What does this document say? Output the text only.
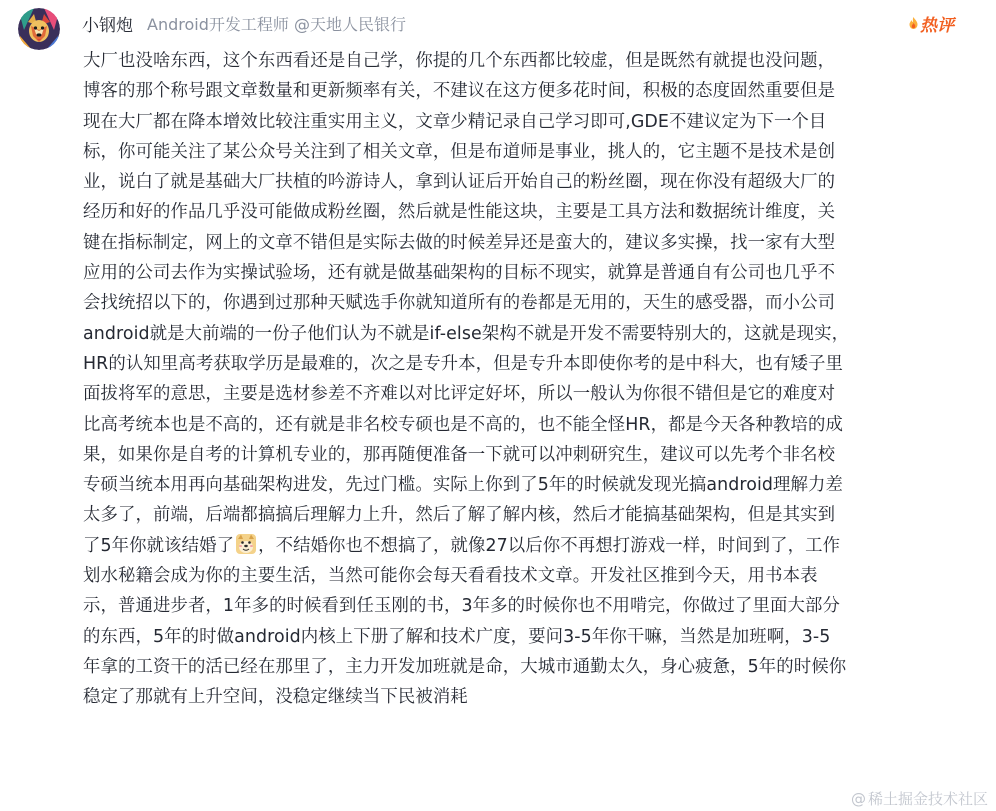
小钢炮 Android开发工程师 @天地人民银行	热评
大厂也没啥东西，这个东西看还是自己学，你提的几个东西都比较虚，但是既然有就提也没问题，
博客的那个称号跟文章数量和更新频率有关，不建议在这方便多花时间，积极的态度固然重要但是
现在大厂都在降本增效比较注重实用主义，文章少精记录自己学习即可,GDE不建议定为下一个目
标，你可能关注了某公众号关注到了相关文章，但是布道师是事业，挑人的，它主题不是技术是创
业，说白了就是基础大厂扶植的吟游诗人，拿到认证后开始自己的粉丝圈，现在你没有超级大厂的
经历和好的作品几乎没可能做成粉丝圈，然后就是性能这块，主要是工具方法和数据统计维度，关
键在指标制定，网上的文章不错但是实际去做的时候差异还是蛮大的，建议多实操，找一家有大型
应用的公司去作为实操试验场，还有就是做基础架构的目标不现实，就算是普通自有公司也几乎不
会找统招以下的，你遇到过那种天赋选手你就知道所有的卷都是无用的，天生的感受器，而小公司
android就是大前端的一份子他们认为不就是if-else架构不就是开发不需要特别大的，这就是现实，
HR的认知里高考获取学历是最难的，次之是专升本，但是专升本即使你考的是中科大，也有矮子里
面拔将军的意思，主要是选材参差不齐难以对比评定好坏，所以一般认为你很不错但是它的难度对
比高考统本也是不高的，还有就是非名校专硕也是不高的，也不能全怪HR，都是今天各种教培的成
果，如果你是自考的计算机专业的，那再随便准备一下就可以冲刺研究生，建议可以先考个非名校
专硕当统本用再向基础架构进发，先过门槛。实际上你到了5年的时候就发现光搞android理解力差
太多了，前端，后端都搞搞后理解力上升，然后了解了解内核，然后才能搞基础架构，但是其实到
了5年你就该结婚了 ，不结婚你也不想搞了，就像27以后你不再想打游戏一样，时间到了，工作
划水秘籍会成为你的主要生活，当然可能你会每天看看技术文章。开发社区推到今天，用书本表
示，普通进步者，1年多的时候看到任玉刚的书，3年多的时候你也不用啃完，你做过了里面大部分
的东西，5年的时做android内核上下册了解和技术广度，要问3-5年你干嘛，当然是加班啊，3-5
年拿的工资干的活已经在那里了，主力开发加班就是命，大城市通勤太久，身心疲惫，5年的时候你
稳定了那就有上升空间，没稳定继续当下民被消耗
@ 稀土掘金技术社区
